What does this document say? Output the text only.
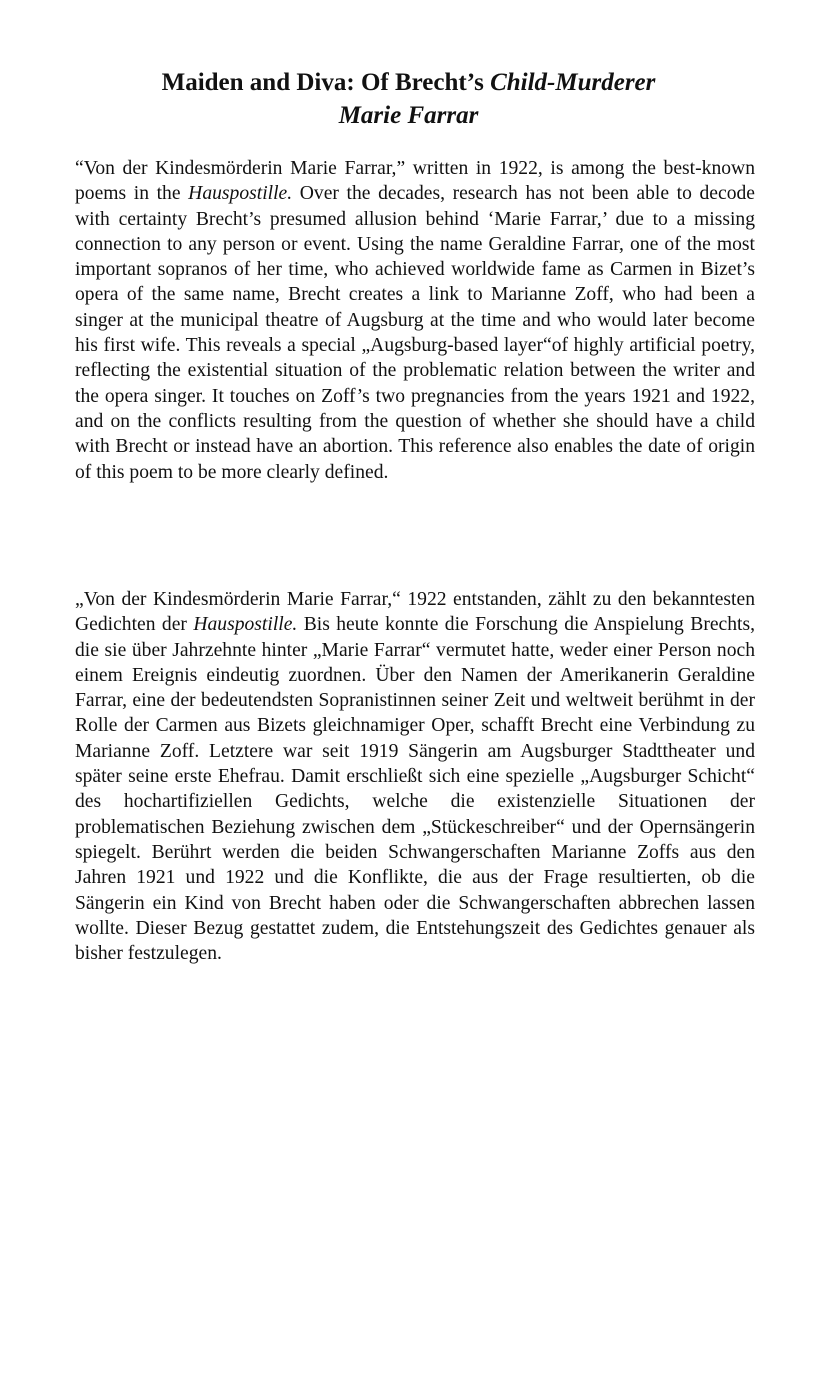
Maiden and Diva: Of Brecht’s Child-Murderer
Marie Farrar

“Von der Kindesmörderin Marie Farrar,” written in 1922, is among the best-known poems in the Hauspostille. Over the decades, research has not been able to decode with certainty Brecht’s presumed allusion behind ‘Marie Farrar,’ due to a missing connection to any person or event. Using the name Geraldine Farrar, one of the most important sopranos of her time, who achieved worldwide fame as Carmen in Bizet’s opera of the same name, Brecht creates a link to Marianne Zoff, who had been a singer at the municipal theatre of Augsburg at the time and who would later become his first wife. This reveals a special „Augsburg-based layer“of highly artificial poetry, reflecting the existential situation of the problematic relation between the writer and the opera singer. It touches on Zoff’s two pregnancies from the years 1921 and 1922, and on the conflicts resulting from the question of whether she should have a child with Brecht or instead have an abortion. This reference also enables the date of origin of this poem to be more clearly defined.

„Von der Kindesmörderin Marie Farrar,“ 1922 entstanden, zählt zu den bekanntesten Gedichten der Hauspostille. Bis heute konnte die Forschung die Anspielung Brechts, die sie über Jahrzehnte hinter „Marie Farrar“ vermutet hatte, weder einer Person noch einem Ereignis eindeutig zuordnen. Über den Namen der Amerikanerin Geraldine Farrar, eine der bedeutendsten Sopranistinnen seiner Zeit und weltweit berühmt in der Rolle der Carmen aus Bizets gleichnamiger Oper, schafft Brecht eine Verbindung zu Marianne Zoff. Letztere war seit 1919 Sängerin am Augsburger Stadttheater und später seine erste Ehefrau. Damit erschließt sich eine spezielle „Augsburger Schicht“ des hochartifiziellen Gedichts, welche die existenzielle Situationen der problematischen Beziehung zwischen dem „Stückeschreiber“ und der Opernsängerin spiegelt. Berührt werden die beiden Schwangerschaften Marianne Zoffs aus den Jahren 1921 und 1922 und die Konflikte, die aus der Frage resultierten, ob die Sängerin ein Kind von Brecht haben oder die Schwangerschaften abbrechen lassen wollte. Dieser Bezug gestattet zudem, die Entstehungszeit des Gedichtes genauer als bisher festzulegen.
